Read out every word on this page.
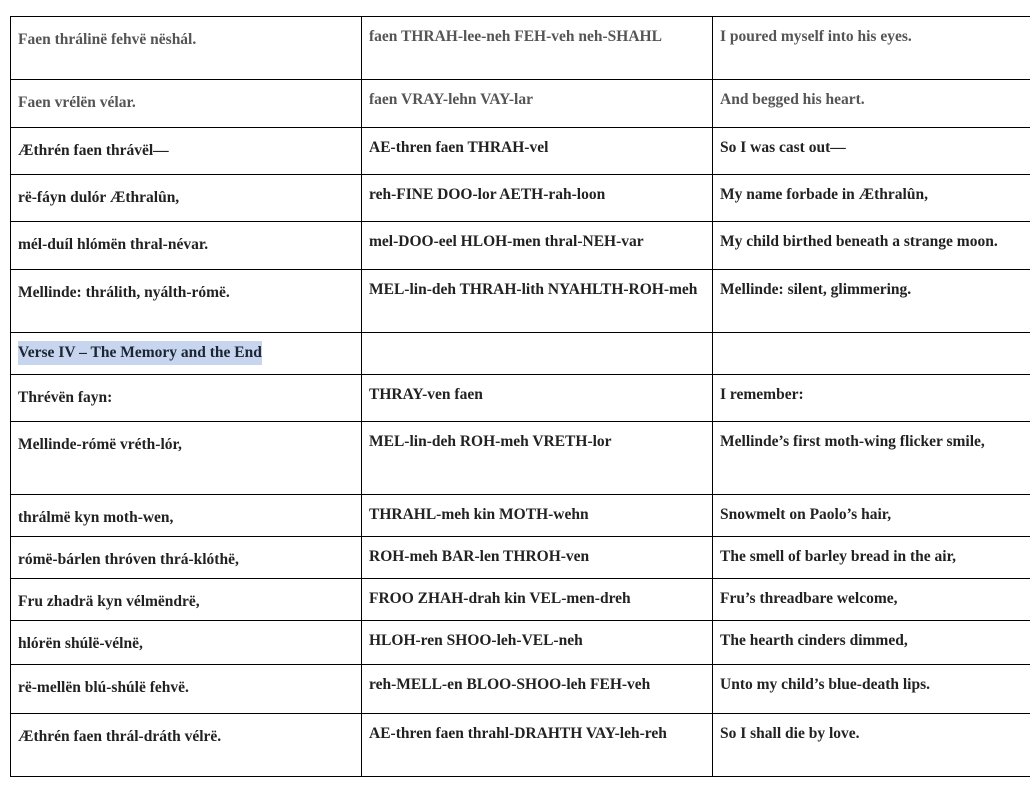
Faen thrálinë fehvë nëshál.	faen THRAH-lee-neh FEH-veh neh-SHAHL	I poured myself into his eyes.
Faen vrélën vélar.	faen VRAY-lehn VAY-lar	And begged his heart.
Æthrén faen thrávël—	AE-thren faen THRAH-vel	So I was cast out—
rë-fáyn dulór Æthralûn,	reh-FINE DOO-lor AETH-rah-loon	My name forbade in Æthralûn,
mél-duíl hlómën thral-névar.	mel-DOO-eel HLOH-men thral-NEH-var	My child birthed beneath a strange moon.
Mellinde: thrálith, nyálth-rómë.	MEL-lin-deh THRAH-lith NYAHLTH-ROH-meh	Mellinde: silent, glimmering.
Verse IV – The Memory and the End		
Thrévën fayn:	THRAY-ven faen	I remember:
Mellinde-rómë vréth-lór,	MEL-lin-deh ROH-meh VRETH-lor	Mellinde’s first moth-wing flicker smile,
thrálmë kyn moth-wen,	THRAHL-meh kin MOTH-wehn	Snowmelt on Paolo’s hair,
rómë-bárlen thróven thrá-klóthë,	ROH-meh BAR-len THROH-ven	The smell of barley bread in the air,
Fru zhadrä kyn vélmëndrë,	FROO ZHAH-drah kin VEL-men-dreh	Fru’s threadbare welcome,
hlórën shúlë-vélnë,	HLOH-ren SHOO-leh-VEL-neh	The hearth cinders dimmed,
rë-mellën blú-shúlë fehvë.	reh-MELL-en BLOO-SHOO-leh FEH-veh	Unto my child’s blue-death lips.
Æthrén faen thrál-dráth vélrë.	AE-thren faen thrahl-DRAHTH VAY-leh-reh	So I shall die by love.
